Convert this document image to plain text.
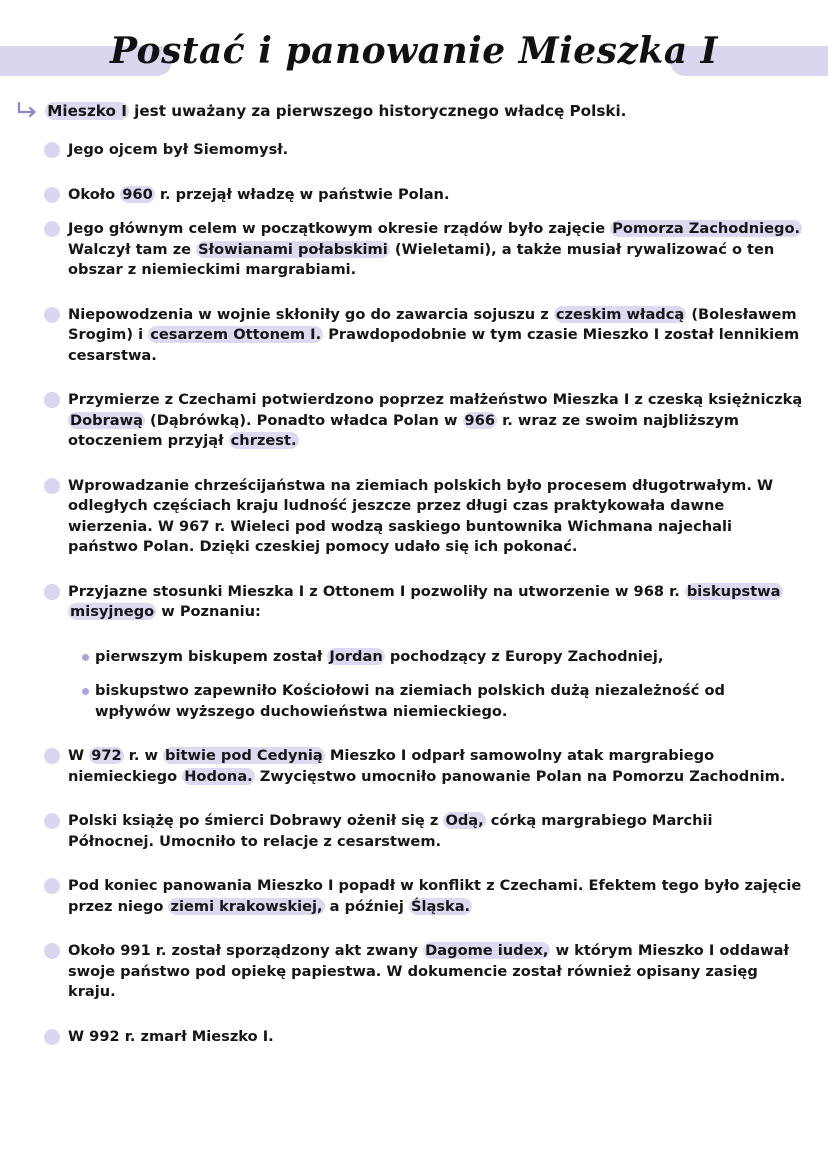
Postać i panowanie Mieszka I
Mieszko I jest uważany za pierwszego historycznego władcę Polski.
Jego ojcem był Siemomysł.
Około 960 r. przejął władzę w państwie Polan.
Jego głównym celem w początkowym okresie rządów było zajęcie Pomorza Zachodniego. Walczył tam ze Słowianami połabskimi (Wieletami), a także musiał rywalizować o ten obszar z niemieckimi margrabiami.
Niepowodzenia w wojnie skłoniły go do zawarcia sojuszu z czeskim władcą (Bolesławem Srogim) i cesarzem Ottonem I. Prawdopodobnie w tym czasie Mieszko I został lennikiem cesarstwa.
Przymierze z Czechami potwierdzono poprzez małżeństwo Mieszka I z czeską księżniczką Dobrawą (Dąbrówką). Ponadto władca Polan w 966 r. wraz ze swoim najbliższym otoczeniem przyjął chrzest.
Wprowadzanie chrześcijaństwa na ziemiach polskich było procesem długotrwałym. W odległych częściach kraju ludność jeszcze przez długi czas praktykowała dawne wierzenia. W 967 r. Wieleci pod wodzą saskiego buntownika Wichmana najechali państwo Polan. Dzięki czeskiej pomocy udało się ich pokonać.
Przyjazne stosunki Mieszka I z Ottonem I pozwoliły na utworzenie w 968 r. biskupstwa misyjnego w Poznaniu:
pierwszym biskupem został Jordan pochodzący z Europy Zachodniej,
biskupstwo zapewniło Kościołowi na ziemiach polskich dużą niezależność od wpływów wyższego duchowieństwa niemieckiego.
W 972 r. w bitwie pod Cedynią Mieszko I odparł samowolny atak margrabiego niemieckiego Hodona. Zwycięstwo umocniło panowanie Polan na Pomorzu Zachodnim.
Polski książę po śmierci Dobrawy ożenił się z Odą, córką margrabiego Marchii Północnej. Umocniło to relacje z cesarstwem.
Pod koniec panowania Mieszko I popadł w konflikt z Czechami. Efektem tego było zajęcie przez niego ziemi krakowskiej, a później Śląska.
Około 991 r. został sporządzony akt zwany Dagome iudex, w którym Mieszko I oddawał swoje państwo pod opiekę papiestwa. W dokumencie został również opisany zasięg kraju.
W 992 r. zmarł Mieszko I.
